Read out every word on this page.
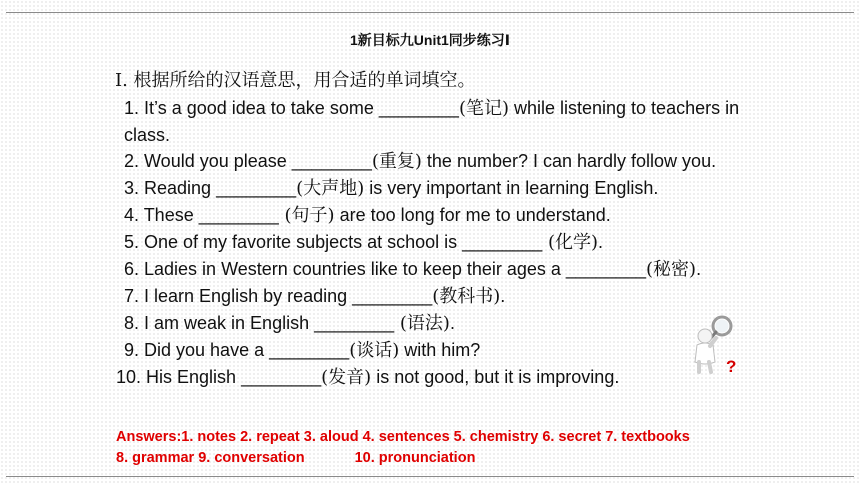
1新目标九Unit1同步练习Ⅰ
Ⅰ. 根据所给的汉语意思，用合适的单词填空。
1. It’s a good idea to take some ________(笔记) while listening to teachers in class.
2. Would you please ________(重复) the number? I can hardly follow you.
3. Reading ________(大声地) is very important in learning English.
4. These ________ (句子) are too long for me to understand.
5. One of my favorite subjects at school is ________ (化学).
6. Ladies in Western countries like to keep their ages a ________(秘密).
7. I learn English by reading ________(教科书).
8. I am weak in English ________ (语法).
9. Did you have a ________(谈话) with him?
10. His English ________(发音) is not good, but it is improving.
?
Answers:1. notes 2. repeat 3. aloud 4. sentences 5. chemistry 6. secret 7. textbooks
8. grammar 9. conversation	10. pronunciation
